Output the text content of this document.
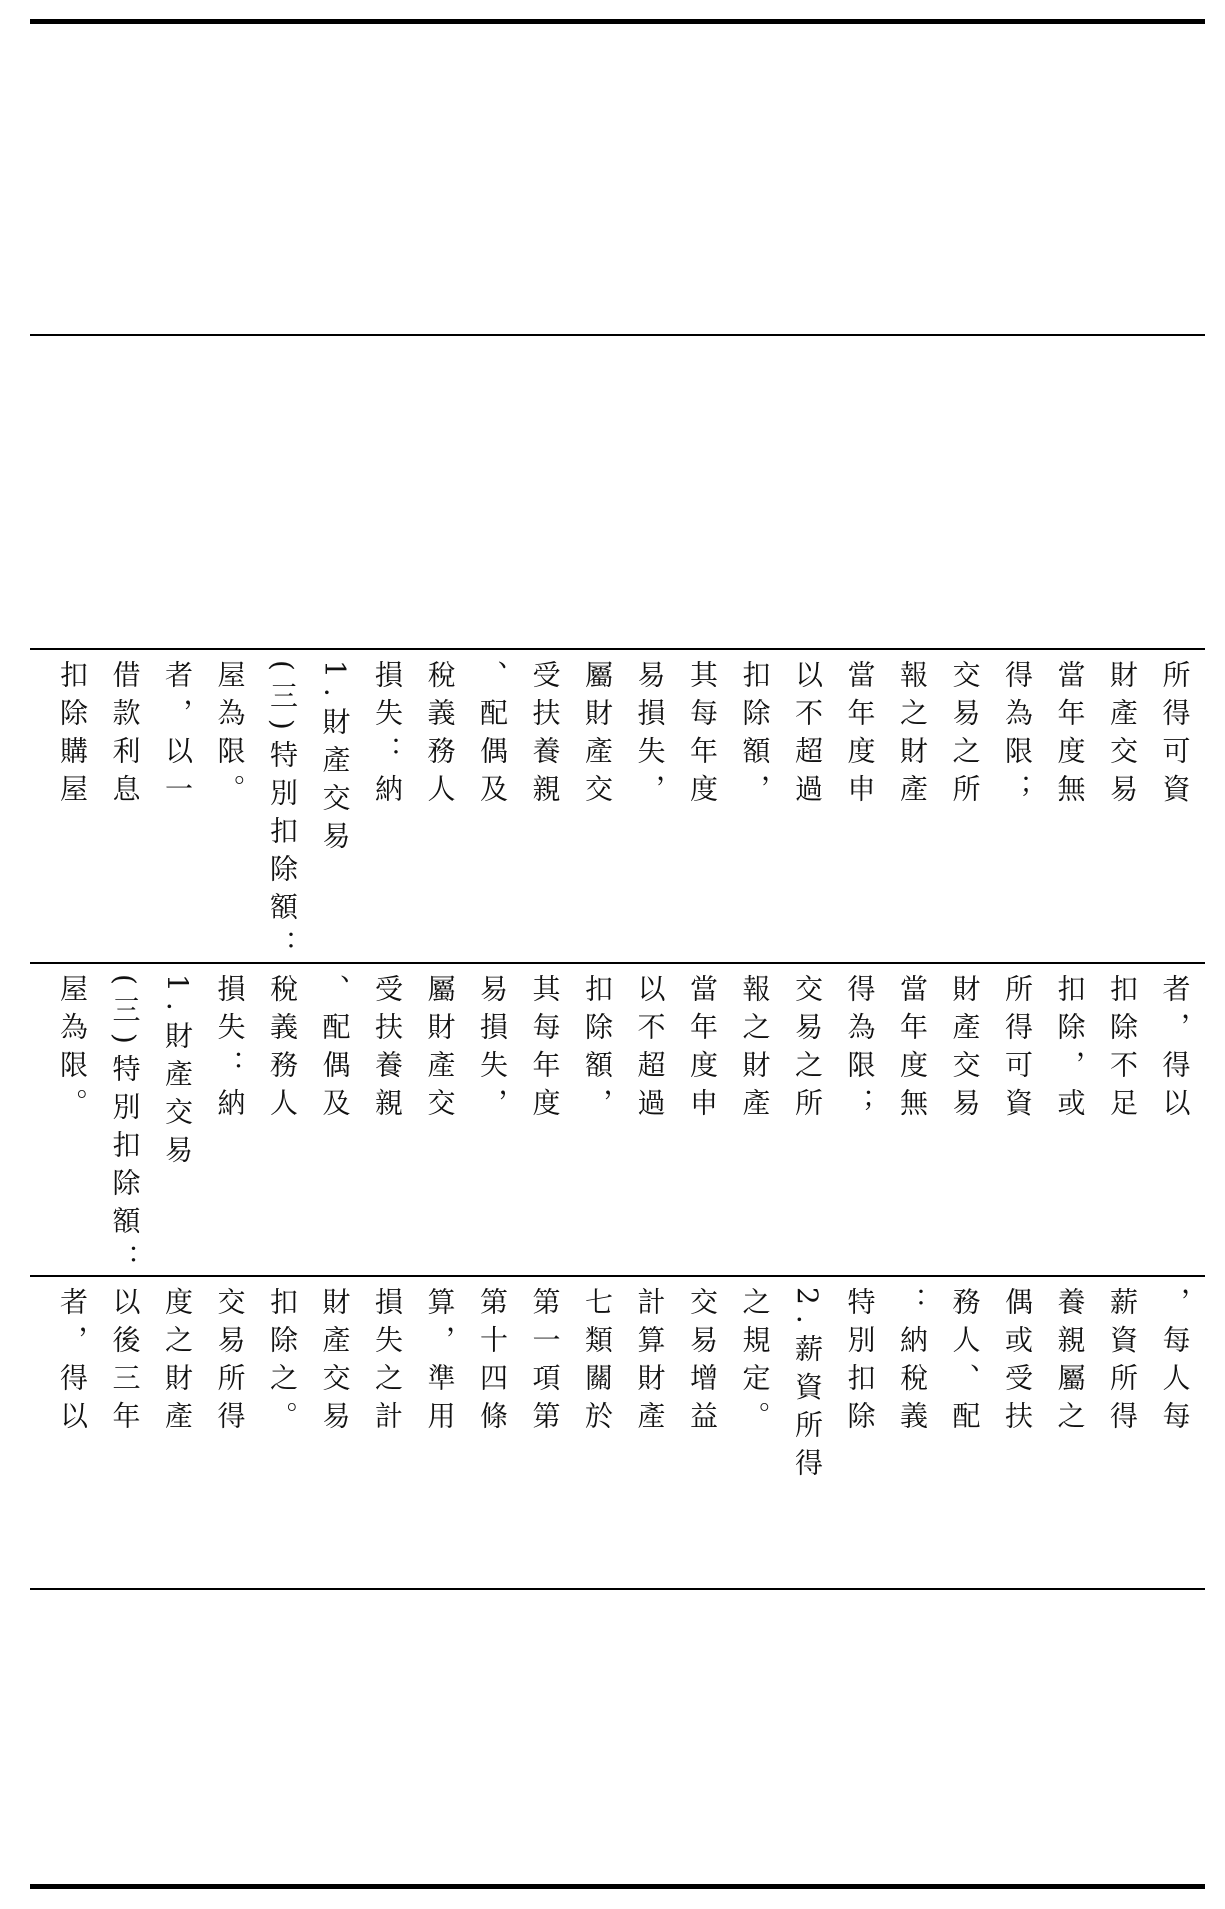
扣除購屋 借款利息 者，以一 屋為限。 (三)特別扣除額： 1.財產交易 損失：納 稅義務人 、配偶及 受扶養親 屬財產交 易損失， 其每年度 扣除額， 以不超過 當年度申 報之財產 交易之所 得為限； 當年度無 財產交易 所得可資
屋為限。 (三)特別扣除額： 1.財產交易 損失：納 稅義務人 、配偶及 受扶養親 屬財產交 易損失， 其每年度 扣除額， 以不超過 當年度申 報之財產 交易之所 得為限； 當年度無 財產交易 所得可資 扣除，或 扣除不足 者，得以
者，得以 以後三年 度之財產 交易所得 扣除之。 財產交易 損失之計 算，準用 第十四條 第一項第 七類關於 計算財產 交易增益 之規定。 2.薪資所得 特別扣除 ：納稅義 務人、配 偶或受扶 養親屬之 薪資所得 ，每人每
